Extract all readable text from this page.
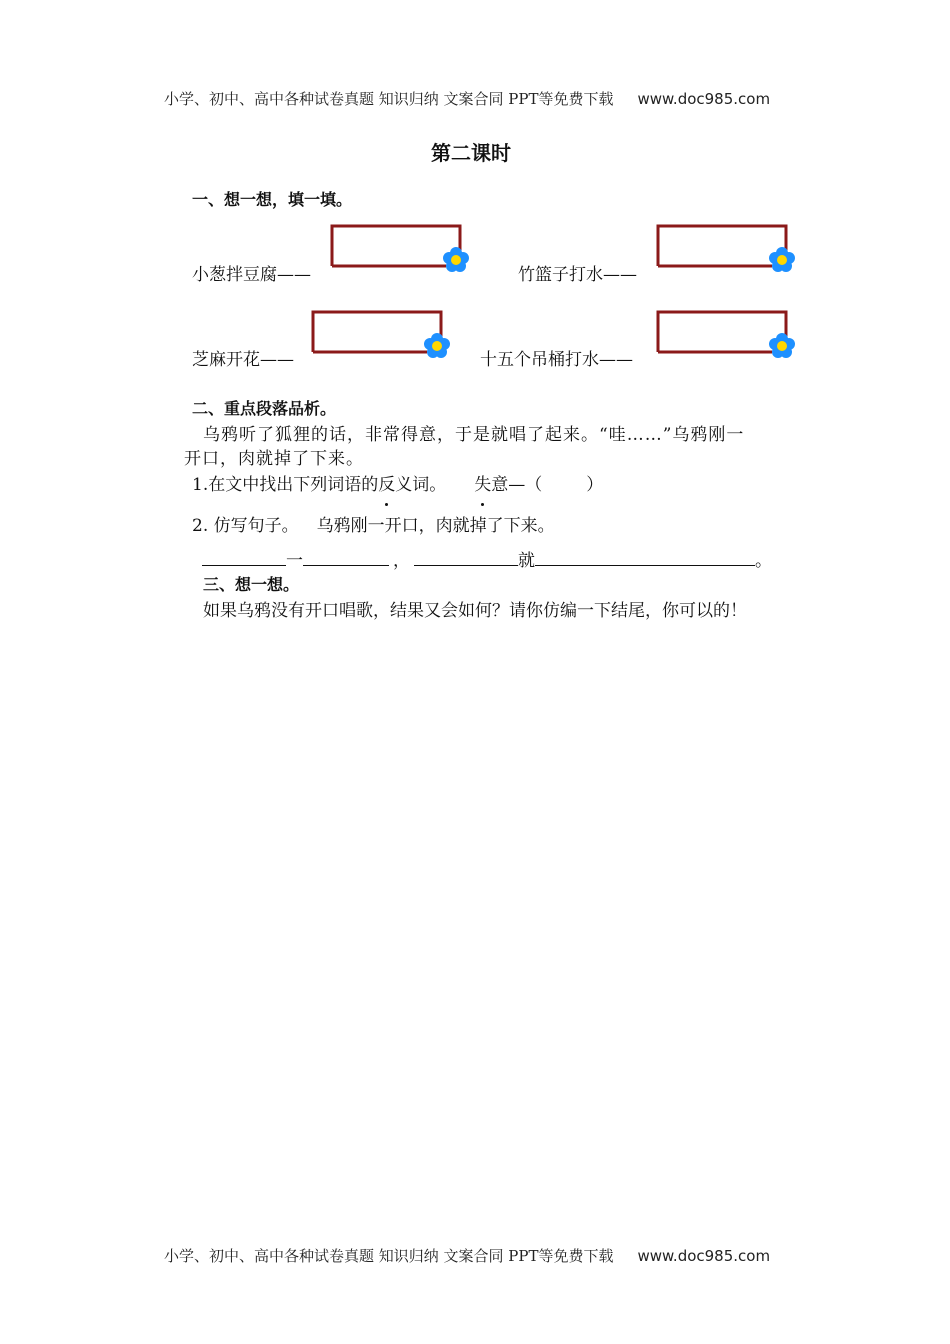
小学、初中、高中各种试卷真题 知识归纳 文案合同 PPT等免费下载 www.doc985.com
第二课时
一、想一想，填一填。
小葱拌豆腐——	竹篮子打水——
芝麻开花——	十五个吊桶打水——
二、重点段落品析。
乌鸦听了狐狸的话，非常得意，于是就唱了起来。“哇……”乌鸦刚一
开口，肉就掉了下来。
1.在文中找出下列词语的反义词。 失意—（	）
2. 仿写句子。 乌鸦刚一开口，肉就掉了下来。
一	，	就	。
三、想一想。
如果乌鸦没有开口唱歌，结果又会如何？请你仿编一下结尾，你可以的！
小学、初中、高中各种试卷真题 知识归纳 文案合同 PPT等免费下载 www.doc985.com
